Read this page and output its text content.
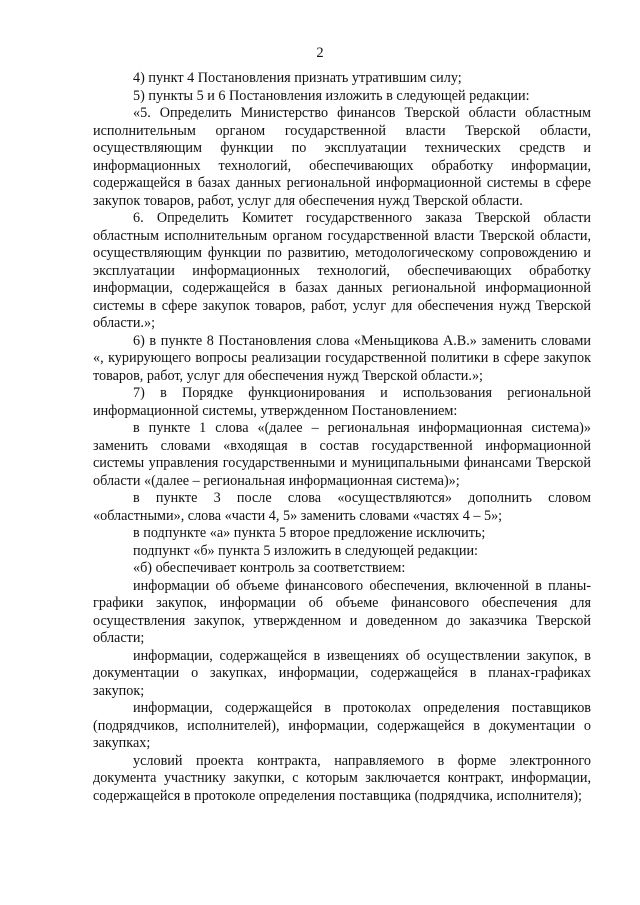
2

4) пункт 4 Постановления признать утратившим силу;

5) пункты 5 и 6 Постановления изложить в следующей редакции:

«5. Определить Министерство финансов Тверской области областным исполнительным органом государственной власти Тверской области, осуществляющим функции по эксплуатации технических средств и информационных технологий, обеспечивающих обработку информации, содержащейся в базах данных региональной информационной системы в сфере закупок товаров, работ, услуг для обеспечения нужд Тверской области.

6. Определить Комитет государственного заказа Тверской области областным исполнительным органом государственной власти Тверской области, осуществляющим функции по развитию, методологическому сопровождению и эксплуатации информационных технологий, обеспечивающих обработку информации, содержащейся в базах данных региональной информационной системы в сфере закупок товаров, работ, услуг для обеспечения нужд Тверской области.»;

6) в пункте 8 Постановления слова «Меньщикова А.В.» заменить словами «, курирующего вопросы реализации государственной политики в сфере закупок товаров, работ, услуг для обеспечения нужд Тверской области.»;

7) в Порядке функционирования и использования региональной информационной системы, утвержденном Постановлением:

в пункте 1 слова «(далее – региональная информационная система)» заменить словами «входящая в состав государственной информационной системы управления государственными и муниципальными финансами Тверской области «(далее – региональная информационная система)»;

в пункте 3 после слова «осуществляются» дополнить словом «областными», слова «части 4, 5» заменить словами «частях 4 – 5»;

в подпункте «а» пункта 5 второе предложение исключить;

подпункт «б» пункта 5 изложить в следующей редакции:

«б) обеспечивает контроль за соответствием:

информации об объеме финансового обеспечения, включенной в планы-графики закупок, информации об объеме финансового обеспечения для осуществления закупок, утвержденном и доведенном до заказчика Тверской области;

информации, содержащейся в извещениях об осуществлении закупок, в документации о закупках, информации, содержащейся в планах-графиках закупок;

информации, содержащейся в протоколах определения поставщиков (подрядчиков, исполнителей), информации, содержащейся в документации о закупках;

условий проекта контракта, направляемого в форме электронного документа участнику закупки, с которым заключается контракт, информации, содержащейся в протоколе определения поставщика (подрядчика, исполнителя);
